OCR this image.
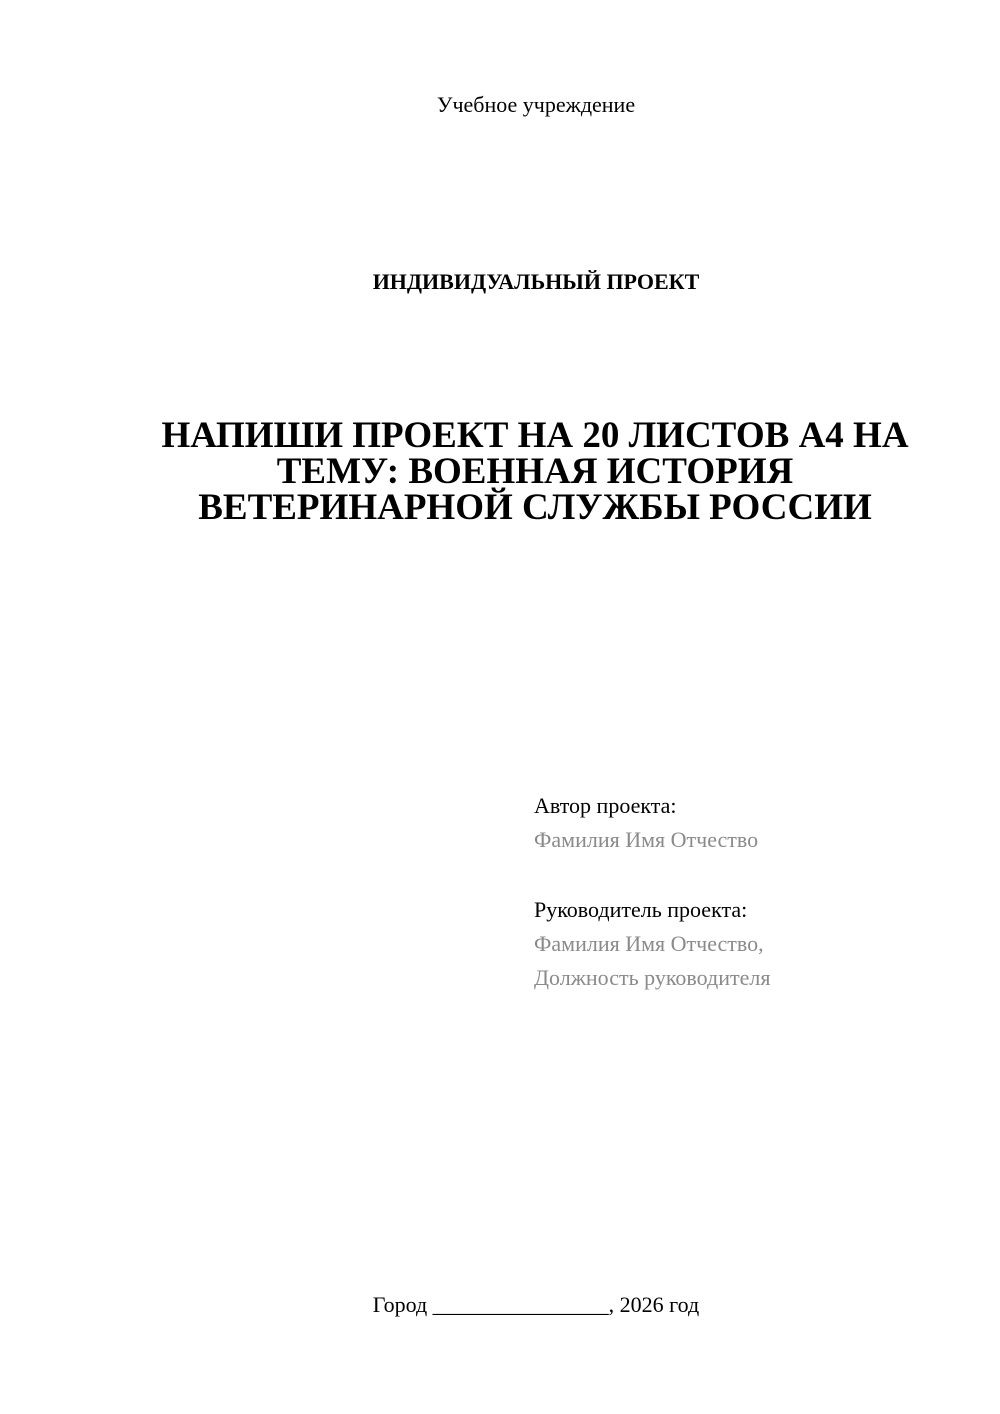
Учебное учреждение
ИНДИВИДУАЛЬНЫЙ ПРОЕКТ
НАПИШИ ПРОЕКТ НА 20 ЛИСТОВ А4 НА
ТЕМУ: ВОЕННАЯ ИСТОРИЯ
ВЕТЕРИНАРНОЙ СЛУЖБЫ РОССИИ
Автор проекта:
Фамилия Имя Отчество
Руководитель проекта:
Фамилия Имя Отчество,
Должность руководителя
Город ________________, 2026 год
